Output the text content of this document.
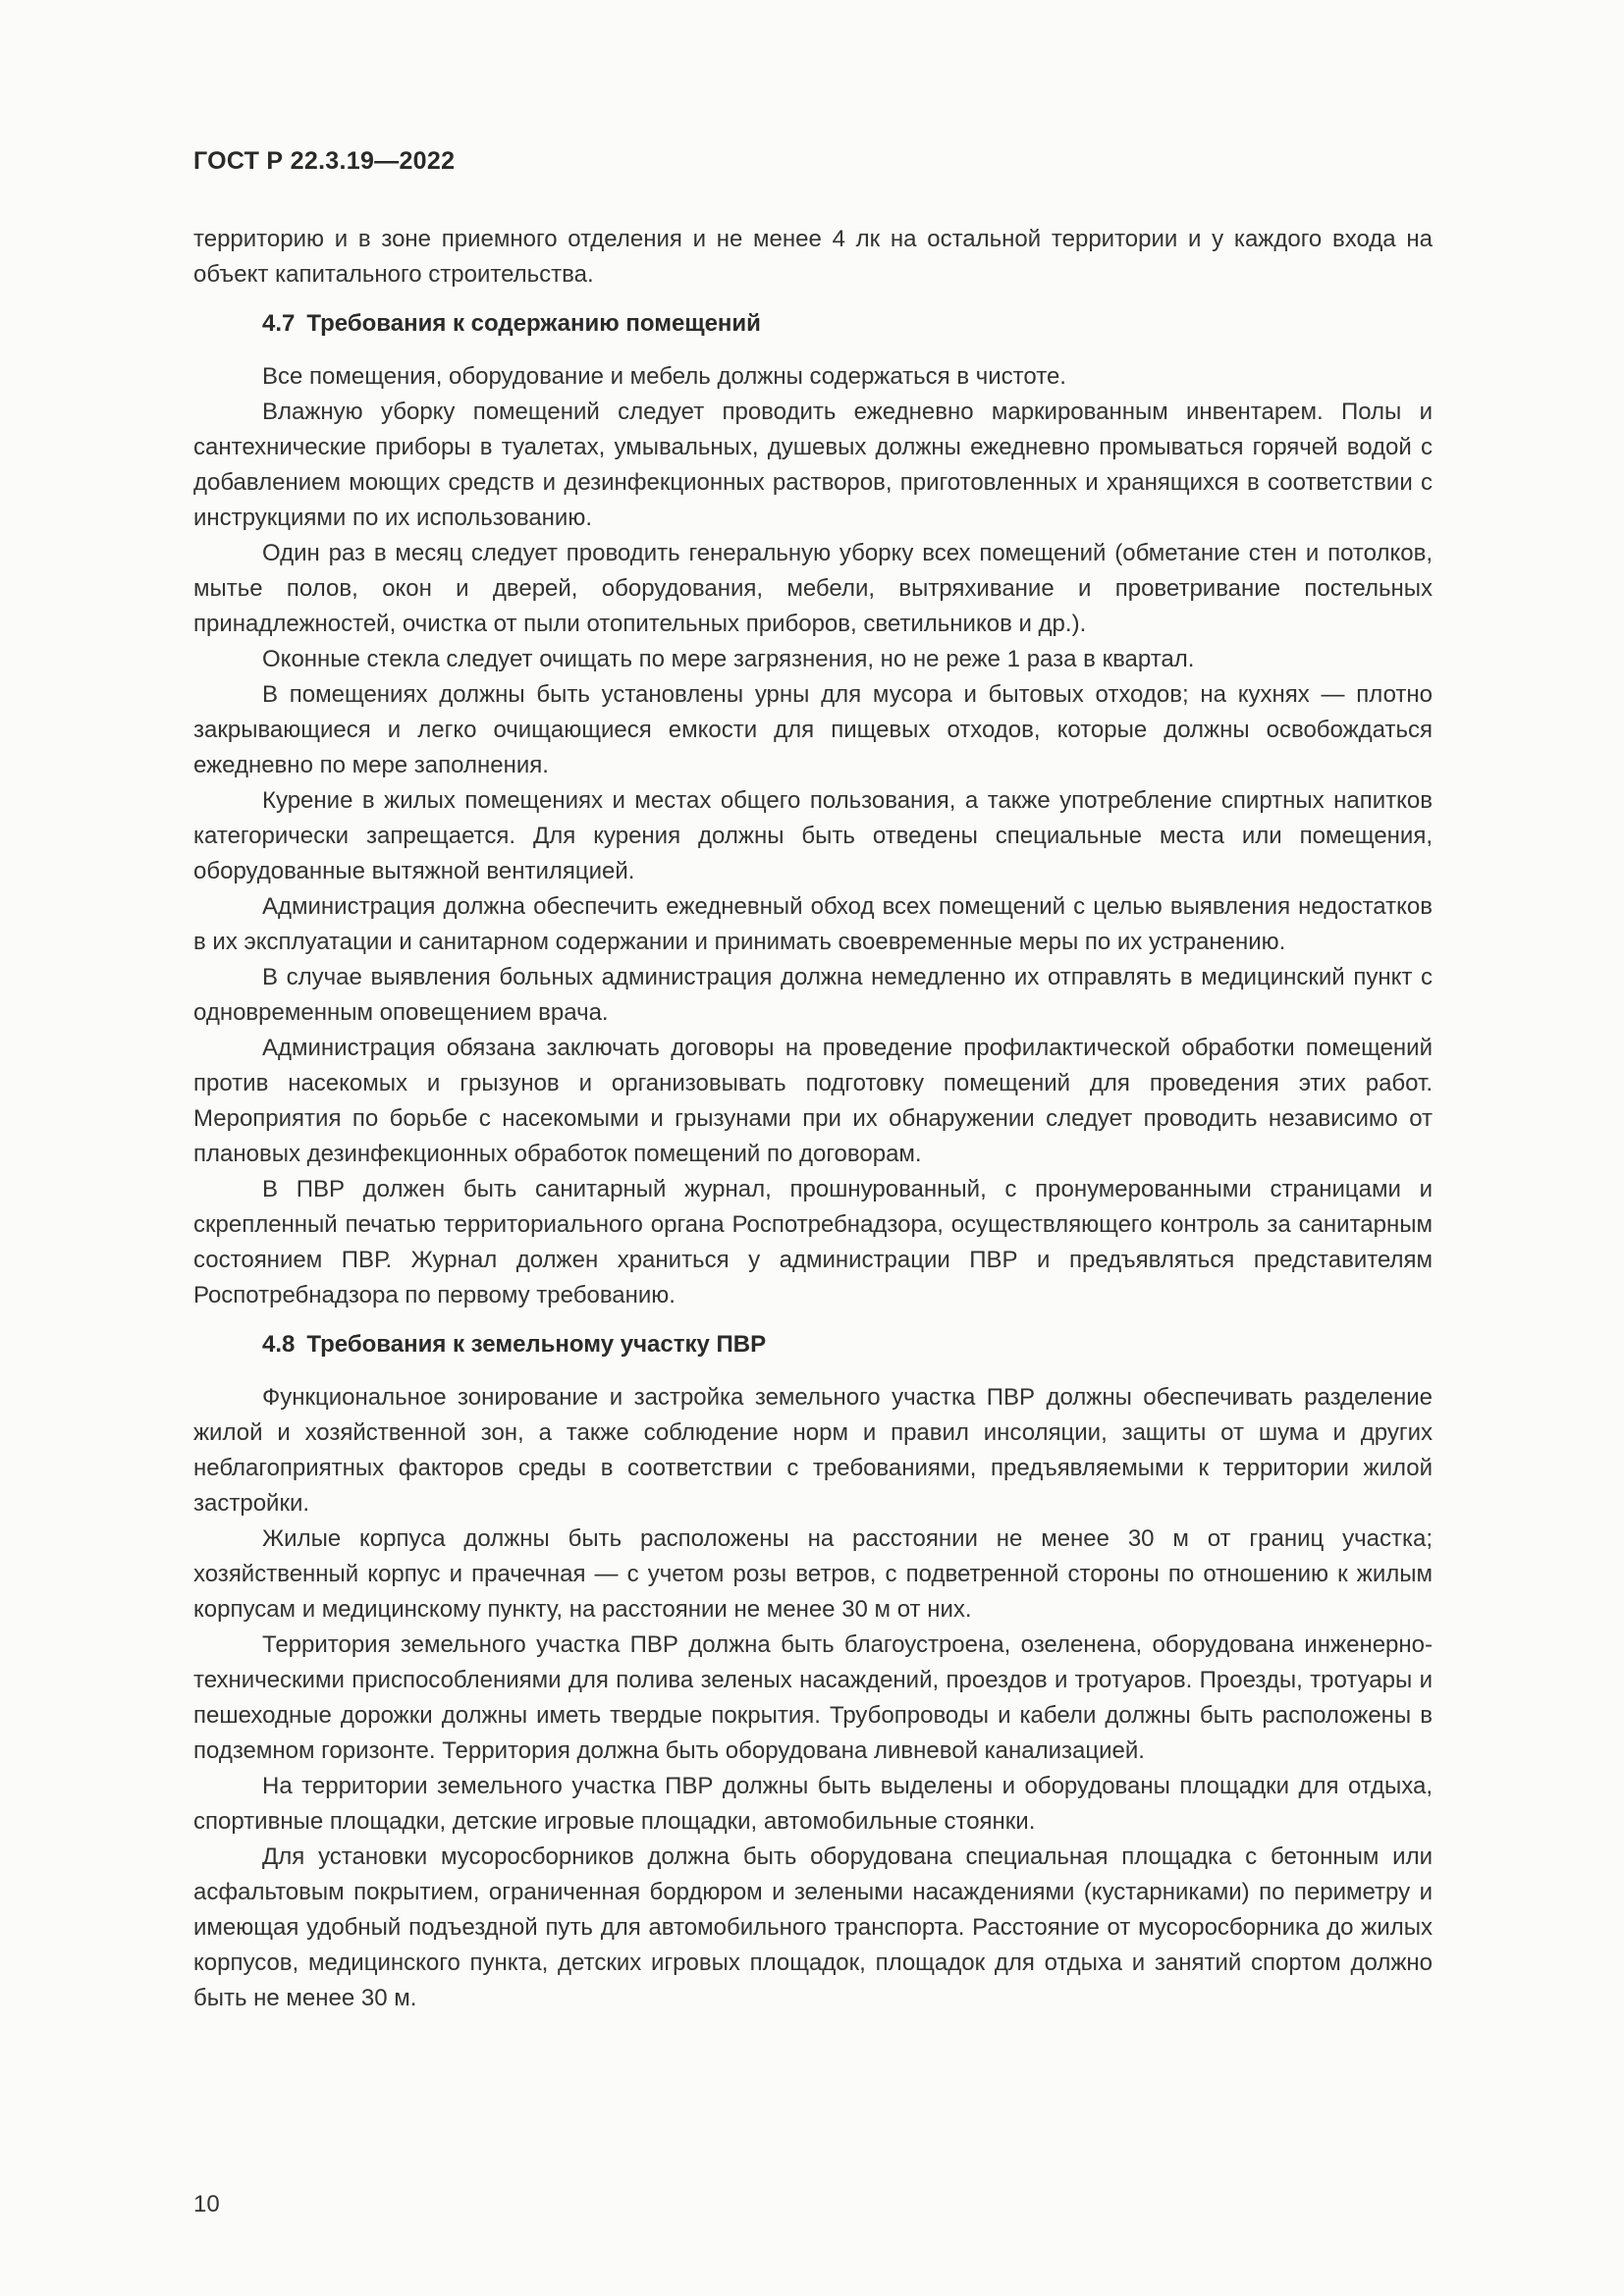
ГОСТ Р 22.3.19—2022

территорию и в зоне приемного отделения и не менее 4 лк на остальной территории и у каждого входа на объект капитального строительства.

4.7 Требования к содержанию помещений

Все помещения, оборудование и мебель должны содержаться в чистоте.

Влажную уборку помещений следует проводить ежедневно маркированным инвентарем. Полы и сантехнические приборы в туалетах, умывальных, душевых должны ежедневно промываться горячей водой с добавлением моющих средств и дезинфекционных растворов, приготовленных и хранящихся в соответствии с инструкциями по их использованию.

Один раз в месяц следует проводить генеральную уборку всех помещений (обметание стен и потолков, мытье полов, окон и дверей, оборудования, мебели, вытряхивание и проветривание постельных принадлежностей, очистка от пыли отопительных приборов, светильников и др.).

Оконные стекла следует очищать по мере загрязнения, но не реже 1 раза в квартал.

В помещениях должны быть установлены урны для мусора и бытовых отходов; на кухнях — плотно закрывающиеся и легко очищающиеся емкости для пищевых отходов, которые должны освобождаться ежедневно по мере заполнения.

Курение в жилых помещениях и местах общего пользования, а также употребление спиртных напитков категорически запрещается. Для курения должны быть отведены специальные места или помещения, оборудованные вытяжной вентиляцией.

Администрация должна обеспечить ежедневный обход всех помещений с целью выявления недостатков в их эксплуатации и санитарном содержании и принимать своевременные меры по их устранению.

В случае выявления больных администрация должна немедленно их отправлять в медицинский пункт с одновременным оповещением врача.

Администрация обязана заключать договоры на проведение профилактической обработки помещений против насекомых и грызунов и организовывать подготовку помещений для проведения этих работ. Мероприятия по борьбе с насекомыми и грызунами при их обнаружении следует проводить независимо от плановых дезинфекционных обработок помещений по договорам.

В ПВР должен быть санитарный журнал, прошнурованный, с пронумерованными страницами и скрепленный печатью территориального органа Роспотребнадзора, осуществляющего контроль за санитарным состоянием ПВР. Журнал должен храниться у администрации ПВР и предъявляться представителям Роспотребнадзора по первому требованию.

4.8 Требования к земельному участку ПВР

Функциональное зонирование и застройка земельного участка ПВР должны обеспечивать разделение жилой и хозяйственной зон, а также соблюдение норм и правил инсоляции, защиты от шума и других неблагоприятных факторов среды в соответствии с требованиями, предъявляемыми к территории жилой застройки.

Жилые корпуса должны быть расположены на расстоянии не менее 30 м от границ участка; хозяйственный корпус и прачечная — с учетом розы ветров, с подветренной стороны по отношению к жилым корпусам и медицинскому пункту, на расстоянии не менее 30 м от них.

Территория земельного участка ПВР должна быть благоустроена, озеленена, оборудована инженерно-техническими приспособлениями для полива зеленых насаждений, проездов и тротуаров. Проезды, тротуары и пешеходные дорожки должны иметь твердые покрытия. Трубопроводы и кабели должны быть расположены в подземном горизонте. Территория должна быть оборудована ливневой канализацией.

На территории земельного участка ПВР должны быть выделены и оборудованы площадки для отдыха, спортивные площадки, детские игровые площадки, автомобильные стоянки.

Для установки мусоросборников должна быть оборудована специальная площадка с бетонным или асфальтовым покрытием, ограниченная бордюром и зелеными насаждениями (кустарниками) по периметру и имеющая удобный подъездной путь для автомобильного транспорта. Расстояние от мусоросборника до жилых корпусов, медицинского пункта, детских игровых площадок, площадок для отдыха и занятий спортом должно быть не менее 30 м.

10
